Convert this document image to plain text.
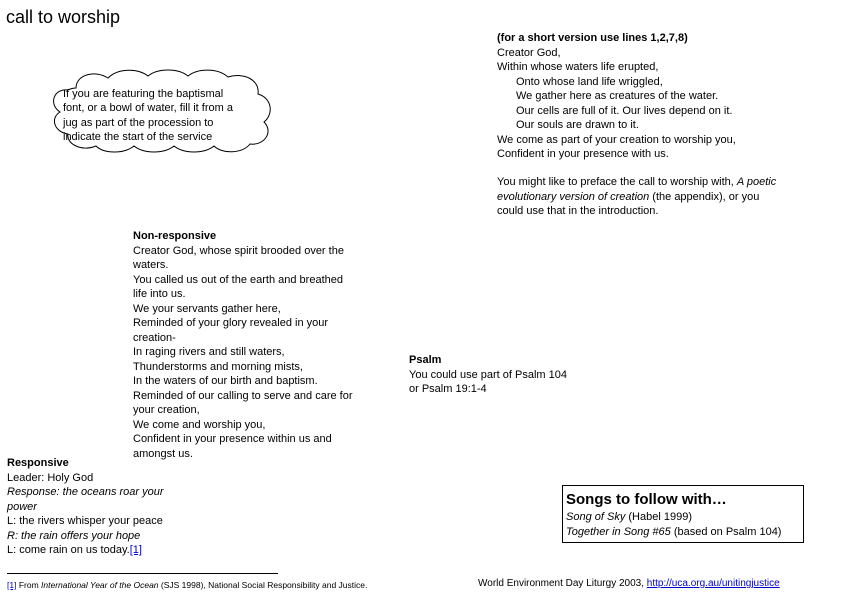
call to worship
If you are featuring the baptismal
font, or a bowl of water, fill it from a
jug as part of the procession to
indicate the start of the service
(for a short version use lines 1,2,7,8)
Creator God,
Within whose waters life erupted,
Onto whose land life wriggled,
We gather here as creatures of the water.
Our cells are full of it. Our lives depend on it.
Our souls are drawn to it.
We come as part of your creation to worship you,
Confident in your presence with us.
You might like to preface the call to worship with, A poetic
evolutionary version of creation (the appendix), or you
could use that in the introduction.
Non-responsive
Creator God, whose spirit brooded over the
waters.
You called us out of the earth and breathed
life into us.
We your servants gather here,
Reminded of your glory revealed in your
creation-
In raging rivers and still waters,
Thunderstorms and morning mists,
In the waters of our birth and baptism.
Reminded of our calling to serve and care for
your creation,
We come and worship you,
Confident in your presence within us and
amongst us.
Psalm
You could use part of Psalm 104
or Psalm 19:1-4
Responsive
Leader: Holy God
Response: the oceans roar your
power
L: the rivers whisper your peace
R: the rain offers your hope
L: come rain on us today.[1]
Songs to follow with…
Song of Sky (Habel 1999)
Together in Song #65 (based on Psalm 104)
[1] From International Year of the Ocean (SJS 1998), National Social Responsibility and Justice.	World Environment Day Liturgy 2003, http://uca.org.au/unitingjustice
